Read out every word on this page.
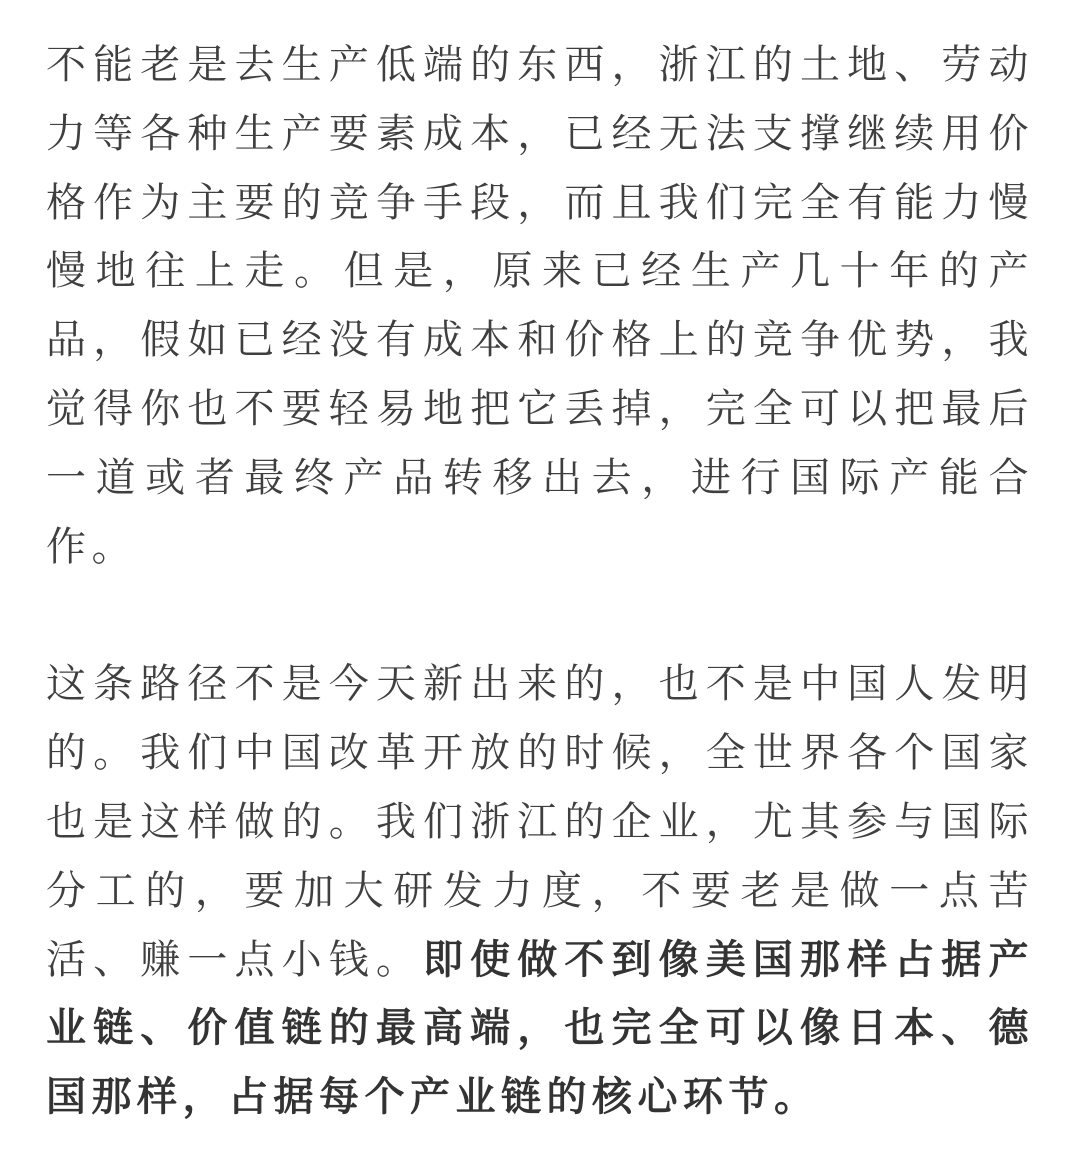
不能老是去生产低端的东西，浙江的土地、劳动力等各种生产要素成本，已经无法支撑继续用价格作为主要的竞争手段，而且我们完全有能力慢慢地往上走。但是，原来已经生产几十年的产品，假如已经没有成本和价格上的竞争优势，我觉得你也不要轻易地把它丢掉，完全可以把最后一道或者最终产品转移出去，进行国际产能合作。

这条路径不是今天新出来的，也不是中国人发明的。我们中国改革开放的时候，全世界各个国家也是这样做的。我们浙江的企业，尤其参与国际分工的，要加大研发力度，不要老是做一点苦活、赚一点小钱。即使做不到像美国那样占据产业链、价值链的最高端，也完全可以像日本、德国那样，占据每个产业链的核心环节。
